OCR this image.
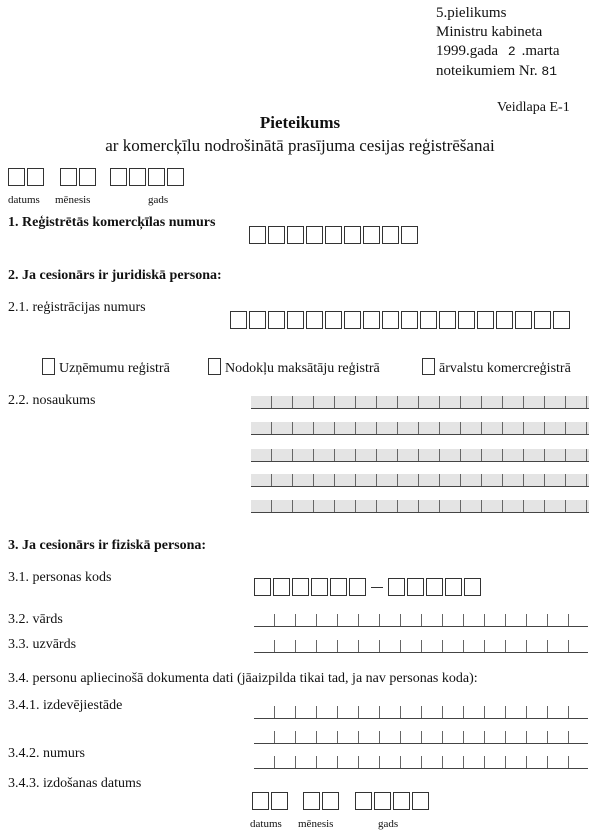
5.pielikums
Ministru kabineta
1999.gada 2 .marta
noteikumiem Nr. 81
Veidlapa E-1
Pieteikums
ar komercķīlu nodrošinātā prasījuma cesijas reģistrēšanai
datums mēnesis	gads
1. Reģistrētās komercķīlas numurs
2. Ja cesionārs ir juridiskā persona:
2.1. reģistrācijas numurs
Uzņēmumu reģistrā	Nodokļu maksātāju reģistrā	ārvalstu komercreģistrā
2.2. nosaukums
3. Ja cesionārs ir fiziskā persona:
3.1. personas kods
3.2. vārds
3.3. uzvārds
3.4. personu apliecinošā dokumenta dati (jāaizpilda tikai tad, ja nav personas koda):
3.4.1. izdevējiestāde
3.4.2. numurs
3.4.3. izdošanas datums
datums mēnesis	gads
